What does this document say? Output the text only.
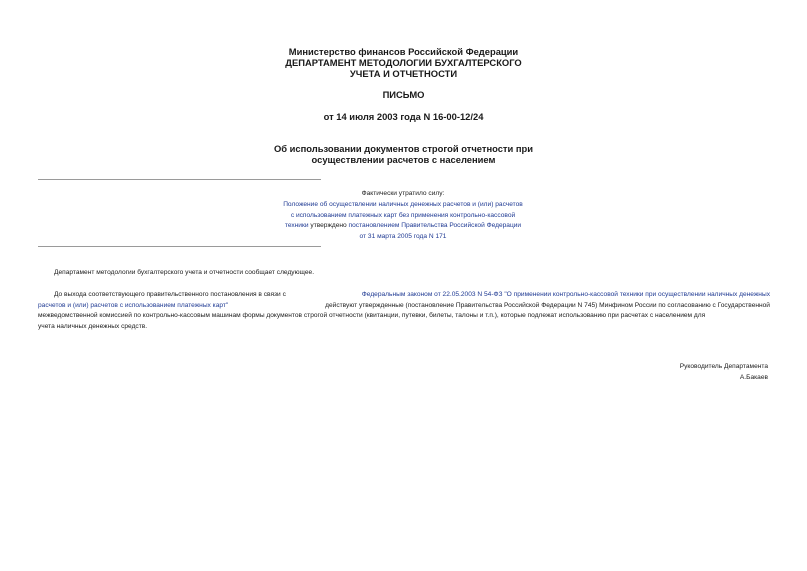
Министерство финансов Российской Федерации
ДЕПАРТАМЕНТ МЕТОДОЛОГИИ БУХГАЛТЕРСКОГО
УЧЕТА И ОТЧЕТНОСТИ
ПИСЬМО
от 14 июля 2003 года N 16-00-12/24
Об использовании документов строгой отчетности при
осуществлении расчетов с населением
Фактически утратило силу:
Положение об осуществлении наличных денежных расчетов и (или) расчетов
с использованием платежных карт без применения контрольно-кассовой
техники утверждено постановлением Правительства Российской Федерации
от 31 марта 2005 года N 171
Департамент методологии бухгалтерского учета и отчетности сообщает следующее.
До выхода соответствующего правительственного постановления в связи с	Федеральным законом от 22.05.2003 N 54-ФЗ "О применении контрольно-кассовой техники при осуществлении наличных денежных
расчетов и (или) расчетов с использованием платежных карт"	действуют утвержденные (постановление Правительства Российской Федерации N 745) Минфином России по согласованию с Государственной
межведомственной комиссией по контрольно-кассовым машинам формы документов строгой отчетности (квитанции, путевки, билеты, талоны и т.п.), которые подлежат использованию при расчетах с населением для
учета наличных денежных средств.
Руководитель Департамента
А.Бакаев
